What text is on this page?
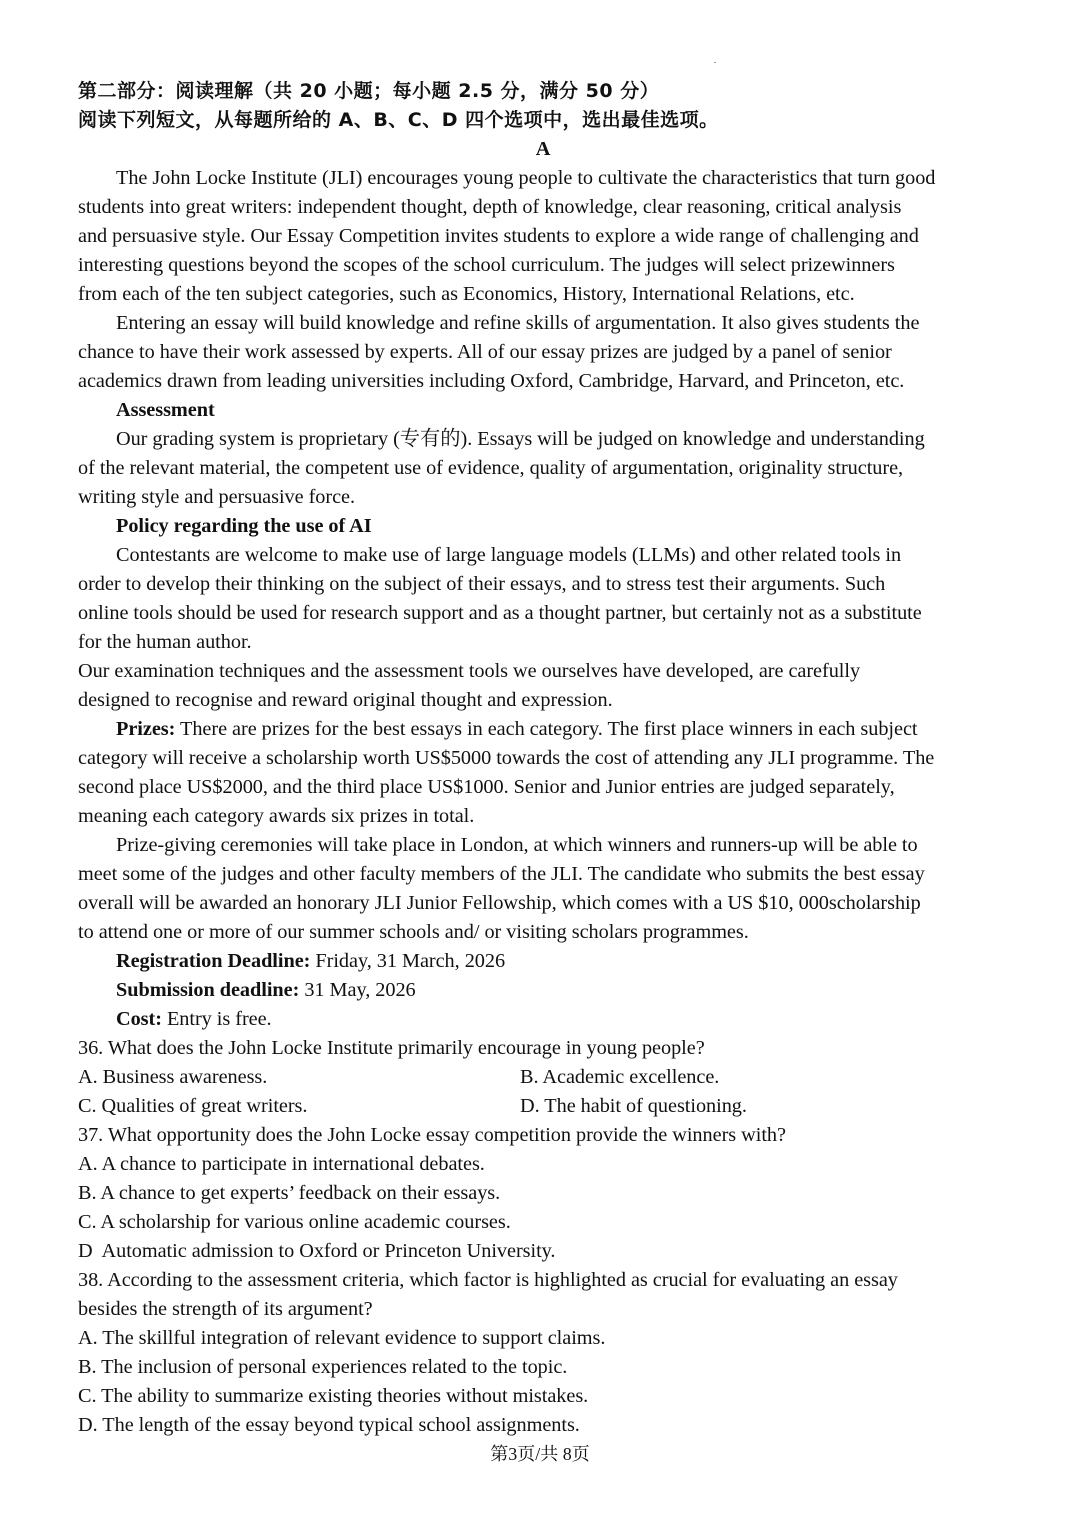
第二部分：阅读理解（共 20 小题；每小题 2.5 分，满分 50 分）
阅读下列短文，从每题所给的 A、B、C、D 四个选项中，选出最佳选项。
A
The John Locke Institute (JLI) encourages young people to cultivate the characteristics that turn good
students into great writers: independent thought, depth of knowledge, clear reasoning, critical analysis
and persuasive style. Our Essay Competition invites students to explore a wide range of challenging and
interesting questions beyond the scopes of the school curriculum. The judges will select prizewinners
from each of the ten subject categories, such as Economics, History, International Relations, etc.
Entering an essay will build knowledge and refine skills of argumentation. It also gives students the
chance to have their work assessed by experts. All of our essay prizes are judged by a panel of senior
academics drawn from leading universities including Oxford, Cambridge, Harvard, and Princeton, etc.
Assessment
Our grading system is proprietary (专有的). Essays will be judged on knowledge and understanding
of the relevant material, the competent use of evidence, quality of argumentation, originality structure,
writing style and persuasive force.
Policy regarding the use of AI
Contestants are welcome to make use of large language models (LLMs) and other related tools in
order to develop their thinking on the subject of their essays, and to stress test their arguments. Such
online tools should be used for research support and as a thought partner, but certainly not as a substitute
for the human author.
Our examination techniques and the assessment tools we ourselves have developed, are carefully
designed to recognise and reward original thought and expression.
Prizes: There are prizes for the best essays in each category. The first place winners in each subject
category will receive a scholarship worth US$5000 towards the cost of attending any JLI programme. The
second place US$2000, and the third place US$1000. Senior and Junior entries are judged separately,
meaning each category awards six prizes in total.
Prize-giving ceremonies will take place in London, at which winners and runners-up will be able to
meet some of the judges and other faculty members of the JLI. The candidate who submits the best essay
overall will be awarded an honorary JLI Junior Fellowship, which comes with a US $10, 000scholarship
to attend one or more of our summer schools and/ or visiting scholars programmes.
Registration Deadline: Friday, 31 March, 2026
Submission deadline: 31 May, 2026
Cost: Entry is free.
36. What does the John Locke Institute primarily encourage in young people?
A. Business awareness.	B. Academic excellence.
C. Qualities of great writers.	D. The habit of questioning.
37. What opportunity does the John Locke essay competition provide the winners with?
A. A chance to participate in international debates.
B. A chance to get experts’ feedback on their essays.
C. A scholarship for various online academic courses.
D  Automatic admission to Oxford or Princeton University.
38. According to the assessment criteria, which factor is highlighted as crucial for evaluating an essay
besides the strength of its argument?
A. The skillful integration of relevant evidence to support claims.
B. The inclusion of personal experiences related to the topic.
C. The ability to summarize existing theories without mistakes.
D. The length of the essay beyond typical school assignments.
第3页/共 8页
